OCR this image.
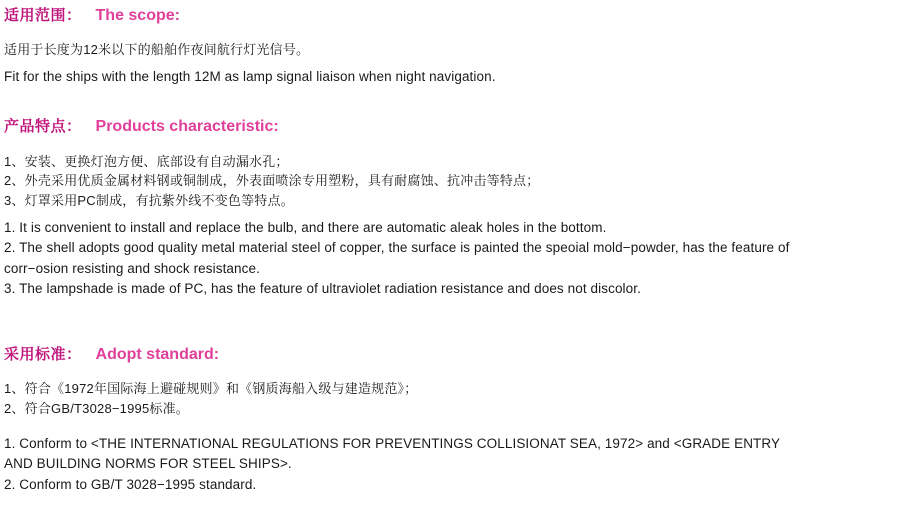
适用范围： The scope:
适用于长度为12米以下的船舶作夜间航行灯光信号。
Fit for the ships with the length 12M as lamp signal liaison when night navigation.
产品特点： Products characteristic:
1、安装、更换灯泡方便、底部设有自动漏水孔；
2、外壳采用优质金属材料钢或铜制成，外表面喷涂专用塑粉，具有耐腐蚀、抗冲击等特点；
3、灯罩采用PC制成，有抗紫外线不变色等特点。
1. It is convenient to install and replace the bulb, and there are automatic aleak holes in the bottom.
2. The shell adopts good quality metal material steel of copper, the surface is painted the speoial mold−powder, has the feature of
corr−osion resisting and shock resistance.
3. The lampshade is made of PC, has the feature of ultraviolet radiation resistance and does not discolor.
采用标准： Adopt standard:
1、符合《1972年国际海上避碰规则》和《钢质海船入级与建造规范》；
2、符合GB/T3028−1995标准。
1. Conform to <THE INTERNATIONAL REGULATIONS FOR PREVENTINGS COLLISIONAT SEA, 1972> and <GRADE ENTRY
AND BUILDING NORMS FOR STEEL SHIPS>.
2. Conform to GB/T 3028−1995 standard.
